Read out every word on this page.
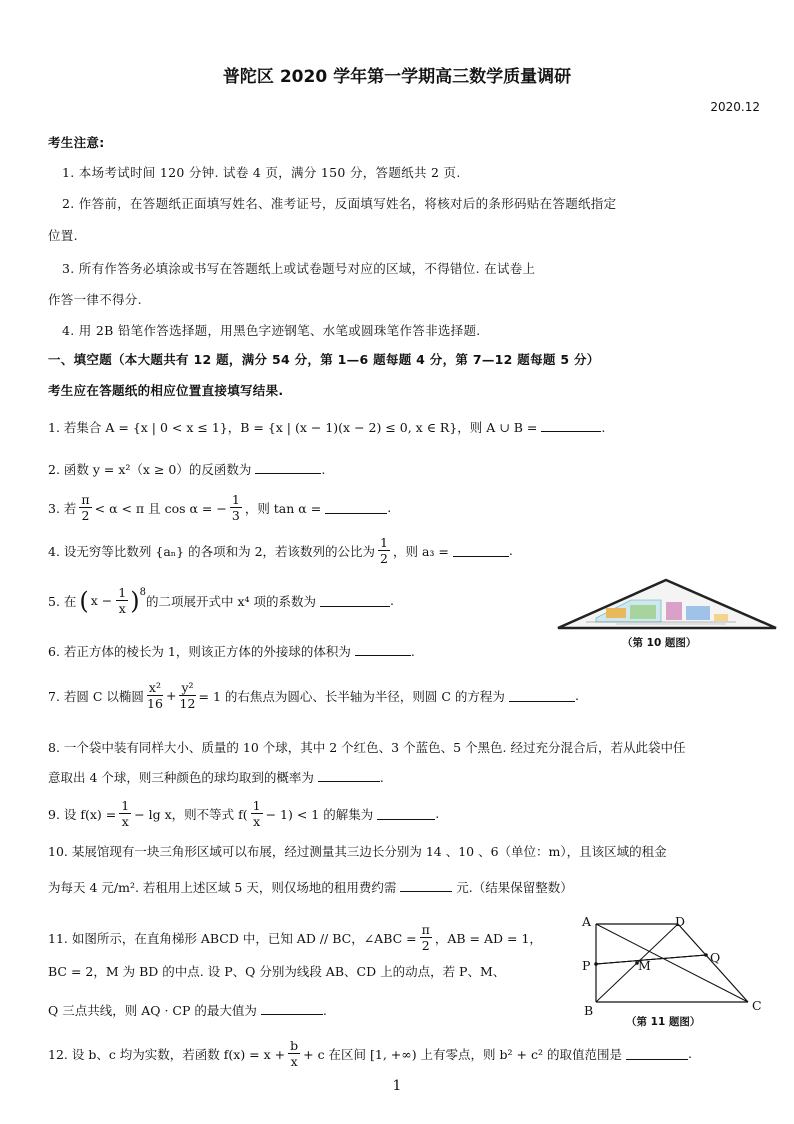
普陀区 2020 学年第一学期高三数学质量调研
2020.12
考生注意:
1. 本场考试时间 120 分钟. 试卷 4 页，满分 150 分，答题纸共 2 页.
2. 作答前，在答题纸正面填写姓名、准考证号，反面填写姓名，将核对后的条形码贴在答题纸指定
位置.
3. 所有作答务必填涂或书写在答题纸上或试卷题号对应的区域，不得错位. 在试卷上
作答一律不得分.
4. 用 2B 铅笔作答选择题，用黑色字迹钢笔、水笔或圆珠笔作答非选择题.
一、填空题（本大题共有 12 题，满分 54 分，第 1—6 题每题 4 分，第 7—12 题每题 5 分）
考生应在答题纸的相应位置直接填写结果.
1. 若集合 A = {x | 0 < x ≤ 1}，B = {x | (x − 1)(x − 2) ≤ 0, x ∈ R}，则 A ∪ B =	.
2. 函数 y = x²（x ≥ 0）的反函数为	.
3. 若
π
2 < α < π 且 cos α = − $\frac{1}{3}$ ，则 tan α =	.
4. 设无穷等比数列 {aₙ} 的各项和为 2，若该数列的公比为
1
2 ，则 a₃ =	.
5. 在 ( $x - \frac{1}{x} )^8$
的二项展开式中 x⁴ 项的系数为	.
6. 若正方体的棱长为 1，则该正方体的外接球的体积为	.
7. 若圆 C 以椭圆
x²
16
+ $\frac{\text{y²}}{12} = 1$ 的右焦点为圆心、长半轴为半径，则圆 C 的方程为	.
8. 一个袋中装有同样大小、质量的 10 个球，其中 2 个红色、3 个蓝色、5 个黑色. 经过充分混合后，若从此袋中任
意取出 4 个球，则三种颜色的球均取到的概率为	.
9. 设 $f(x) = \frac{1}{x} - \lg x$，则不等式 f(
1
x − 1) < 1 的解集为	.
10. 某展馆现有一块三角形区域可以布展，经过测量其三边长分别为 14 、10 、6（单位：m），且该区域的租金
为每天 4 元/m². 若租用上述区域 5 天，则仅场地的租用费约需	元.（结果保留整数）
11. 如图所示，在直角梯形 ABCD 中，已知 AD // BC，∠ABC = $\frac{\pi}{2}$ ，AB = AD = 1，
BC = 2，M 为 BD 的中点. 设 P、Q 分别为线段 AB、CD 上的动点，若 P、M、
Q 三点共线，则 AQ · CP 的最大值为	.
12. 设 b、c 均为实数，若函数 $f(x) = x + \frac{b}{x} + c$ 在区间 [1, +∞) 上有零点，则 b² + c² 的取值范围是	.
（第 10 题图）
A	D
Q
P	M
B	C
（第 11 题图）
1
